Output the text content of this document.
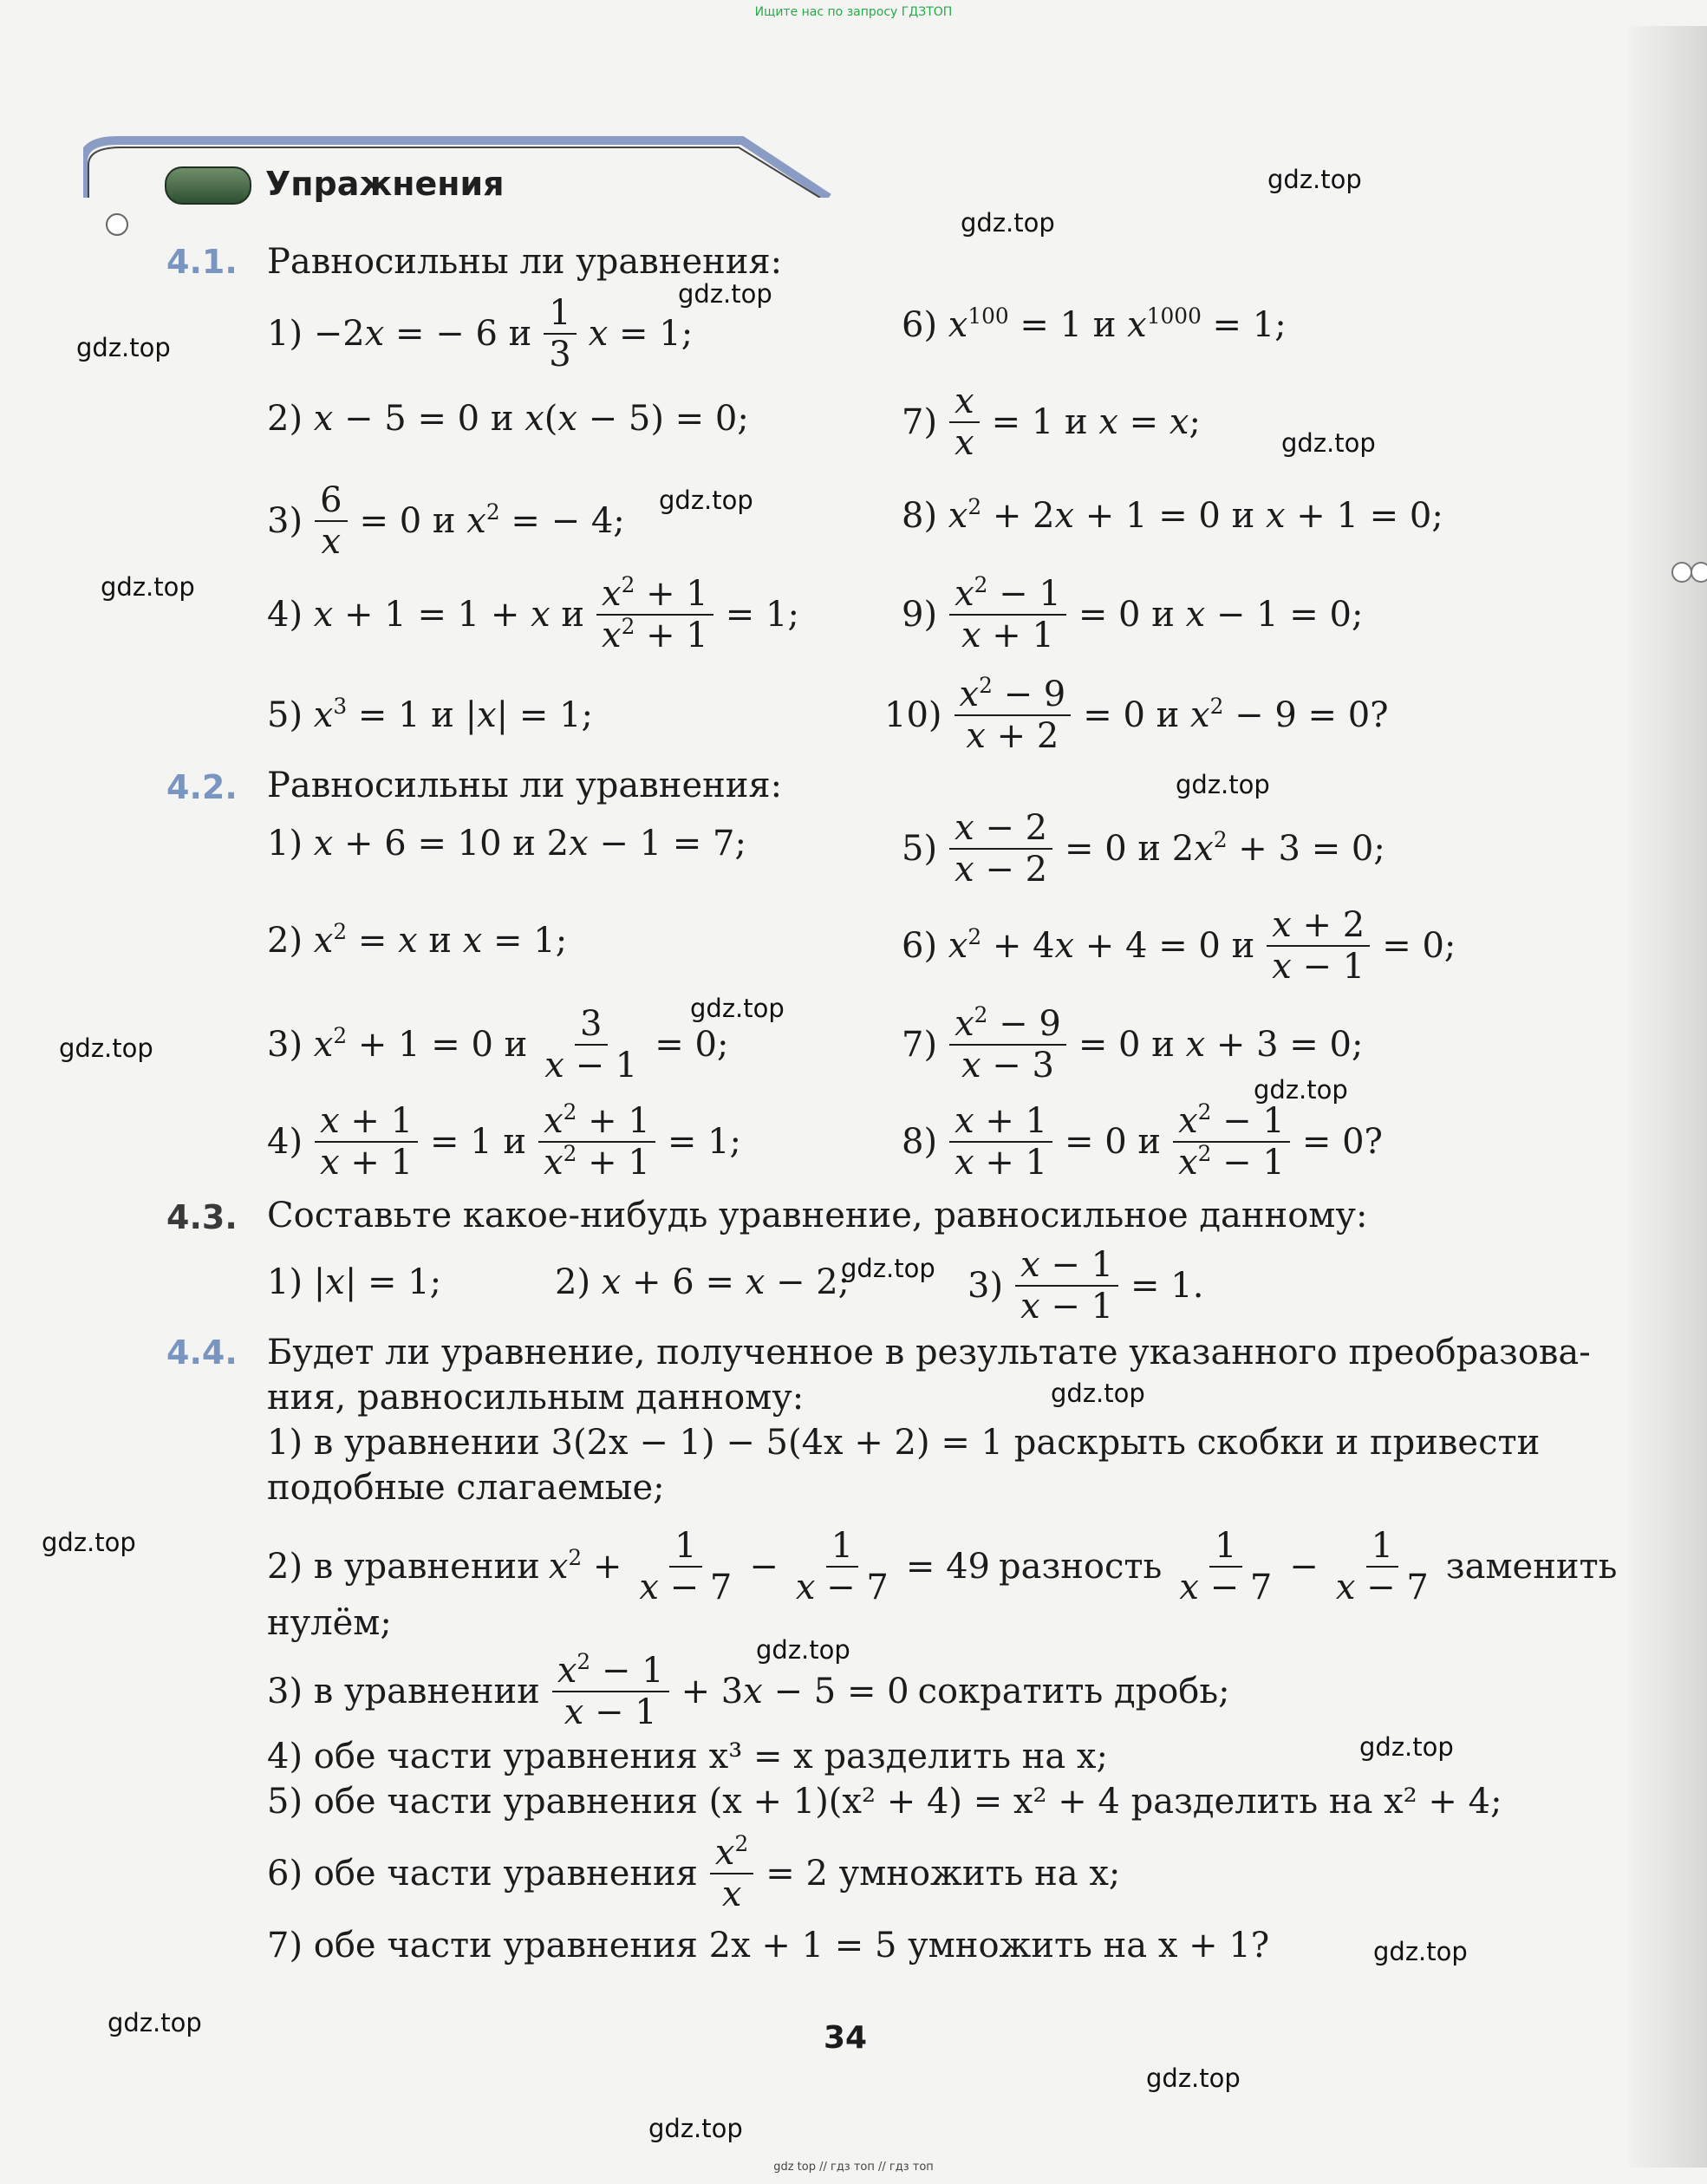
Ищите нас по запросу ГДЗТОП
Упражнения
4.1. Равносильны ли уравнения:
1) −2x = − 6 и $\frac{1}{3}$ x = 1;	6) $x^{100} = 1$ и $x^{1000} = 1$;
2) x − 5 = 0 и x(x − 5) = 0;	$7) \frac{x}{x} = 1$ и x = x;
$3) \frac{6}{x} = 0$ и $x^2$ = − 4;	8) $x^2 + 2x + 1 = 0$ и x + 1 = 0;
4) x + 1 = 1 + x и $\frac{x^2 + 1}{x^2 + 1} = 1$;	$9) \frac{x^2 - 1}{x + 1} = 0$ и x − 1 = 0;
5) $x^3 = 1$ и |x| = 1;	$10) \frac{x^2 - 9}{x + 2} = 0$ и $x^2 - 9 = 0$?
4.2. Равносильны ли уравнения:
1) x + 6 = 10 и 2x − 1 = 7;	$5) \frac{x - 2}{x - 2} = 0$ и $2x^2 + 3 = 0$;
2) $x^2 = x$ и x = 1;	6) $x^2 + 4x + 4 = 0$ и $\frac{x + 2}{x - 1} = 0$;
3) $x^2 + 1 = 0$ и $\frac{3}{x - 1} = 0$;	$7) \frac{x^2 - 9}{x - 3} = 0$ и x + 3 = 0;
$4) \frac{x + 1}{x + 1} = 1$ и $\frac{x^2 + 1}{x^2 + 1} = 1$;	$8) \frac{x + 1}{x + 1} = 0$ и $\frac{x^2 - 1}{x^2 - 1} = 0$?
4.3. Составьте какое-нибудь уравнение, равносильное данному:
1) |x| = 1;	2) x + 6 = x − 2;	$3) \frac{x - 1}{x - 1} = 1$.
4.4. Будет ли уравнение, полученное в результате указанного преобразова-
ния, равносильным данному:
1) в уравнении 3(2x − 1) − 5(4x + 2) = 1 раскрыть скобки и привести
подобные слагаемые;
2) в уравнении $x^2 + \frac{1}{x - 7} - \frac{1}{x - 7} = 49$ разность $\frac{1}{x - 7} - \frac{1}{x - 7}$ заменить
нулём;
3) в уравнении $\frac{x^2 - 1}{x - 1} + 3x - 5 = 0$ сократить дробь;
4) обе части уравнения x³ = x разделить на x;
5) обе части уравнения (x + 1)(x² + 4) = x² + 4 разделить на x² + 4;
6) обе части уравнения $\frac{x^2}{x} = 2$ умножить на x;
7) обе части уравнения 2x + 1 = 5 умножить на x + 1?
34
gdz.top
gdz.top
gdz.top
gdz.top
gdz.top
gdz.top
gdz.top
gdz.top
gdz.top
gdz.top
gdz.top
gdz.top
gdz.top
gdz.top
gdz.top
gdz.top
gdz.top
gdz.top
gdz.top
gdz.top
gdz top // гдз топ // гдз топ
